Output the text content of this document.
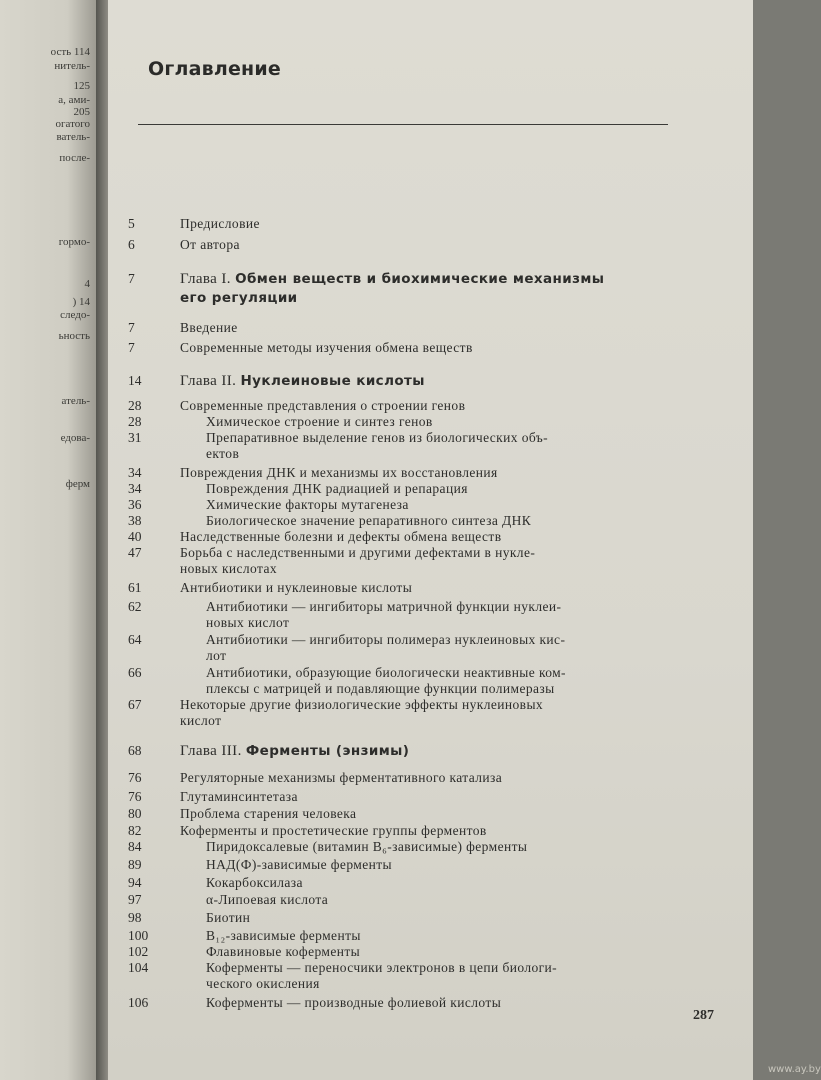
ость 114
нитель-
125
а, ами-
205
огатого
ватель-
после-
гормо-
4
) 14
следо-
ьность
атель-
едова-
ферм
Оглавление
5	Предисловие
6	От автора
7	Глава I. Обмен веществ и биохимические механизмы
его регуляции
7	Введение
7	Современные методы изучения обмена веществ
14	Глава II. Нуклеиновые кислоты
28	Современные представления о строении генов
28	Химическое строение и синтез генов
31	Препаративное выделение генов из биологических объ-
ектов
34	Повреждения ДНК и механизмы их восстановления
34	Повреждения ДНК радиацией и репарация
36	Химические факторы мутагенеза
38	Биологическое значение репаративного синтеза ДНК
40	Наследственные болезни и дефекты обмена веществ
47	Борьба с наследственными и другими дефектами в нукле-
новых кислотах
61	Антибиотики и нуклеиновые кислоты
62	Антибиотики — ингибиторы матричной функции нуклеи-
новых кислот
64	Антибиотики — ингибиторы полимераз нуклеиновых кис-
лот
66	Антибиотики, образующие биологически неактивные ком-
плексы с матрицей и подавляющие функции полимеразы
67	Некоторые другие физиологические эффекты нуклеиновых
кислот
68	Глава III. Ферменты (энзимы)
76	Регуляторные механизмы ферментативного катализа
76	Глутаминсинтетаза
80	Проблема старения человека
82	Коферменты и простетические группы ферментов
84	Пиридоксалевые (витамин B₆-зависимые) ферменты
89	НАД(Ф)-зависимые ферменты
94	Кокарбоксилаза
97	α-Липоевая кислота
98	Биотин
100	B₁₂-зависимые ферменты
102	Флавиновые коферменты
104	Коферменты — переносчики электронов в цепи биологи-
ческого окисления
106	Коферменты — производные фолиевой кислоты
287
www.ay.by
